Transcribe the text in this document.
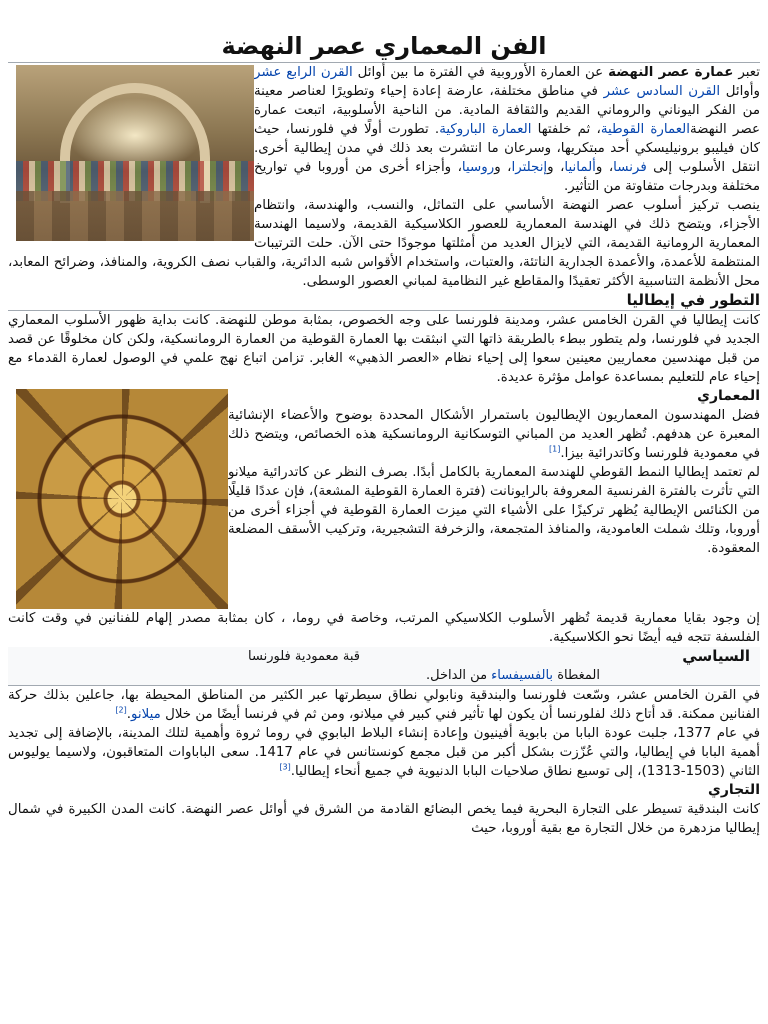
الفن المعماري عصر النهضة

تعبر عمارة عصر النهضة عن العمارة الأوروبية في الفترة ما بين أوائل القرن الرابع عشر وأوائل القرن السادس عشر في مناطق مختلفة، عارضة إعادة إحياء وتطويرًا لعناصر معينة من الفكر اليوناني والروماني القديم والثقافة المادية. من الناحية الأسلوبية، اتبعت عمارة عصر النهضةالعمارة القوطية، ثم خلفتها العمارة الباروكية. تطورت أولًا في فلورنسا، حيث كان فيليبو برونيليسكي أحد مبتكريها، وسرعان ما انتشرت بعد ذلك في مدن إيطالية أخرى. انتقل الأسلوب إلى فرنسا، وألمانيا، وإنجلترا، وروسيا، وأجزاء أخرى من أوروبا في تواريخ مختلفة وبدرجات متفاوتة من التأثير.

ينصب تركيز أسلوب عصر النهضة الأساسي على التماثل، والنسب، والهندسة، وانتظام الأجزاء، ويتضح ذلك في الهندسة المعمارية للعصور الكلاسيكية القديمة، ولاسيما الهندسة المعمارية الرومانية القديمة، التي لايزال العديد من أمثلتها موجودًا حتى الآن. حلت الترتيبات المنتظمة للأعمدة، والأعمدة الجدارية الناتئة، والعتبات، واستخدام الأقواس شبه الدائرية، والقباب نصف الكروية، والمنافذ، وضرائح المعابد، محل الأنظمة التناسبية الأكثر تعقيدًا والمقاطع غير النظامية لمباني العصور الوسطى.

التطور في إيطاليا

كانت إيطاليا في القرن الخامس عشر، ومدينة فلورنسا على وجه الخصوص، بمثابة موطن للنهضة. كانت بداية ظهور الأسلوب المعماري الجديد في فلورنسا، ولم يتطور ببطء بالطريقة ذاتها التي انبثقت بها العمارة القوطية من العمارة الرومانسكية، ولكن كان مخلوقًا عن قصد من قبل مهندسين معماريين معينين سعوا إلى إحياء نظام «العصر الذهبي» الغابر. تزامن اتباع نهج علمي في الوصول لعمارة القدماء مع إحياء عام للتعليم بمساعدة عوامل مؤثرة عديدة.

المعماري

فضل المهندسون المعماريون الإيطاليون باستمرار الأشكال المحددة بوضوح والأعضاء الإنشائية المعبرة عن هدفهم. تُظهر العديد من المباني التوسكانية الرومانسكية هذه الخصائص، ويتضح ذلك في معمودية فلورنسا وكاتدرائية بيزا.[1]

لم تعتمد إيطاليا النمط القوطي للهندسة المعمارية بالكامل أبدًا. بصرف النظر عن كاتدرائية ميلانو التي تأثرت بالفترة الفرنسية المعروفة بالرايونانت (فترة العمارة القوطية المشعة)، فإن عددًا قليلًا من الكنائس الإيطالية يُظهر تركيزًا على الأشياء التي ميزت العمارة القوطية في أجزاء أخرى من أوروبا، وتلك شملت العامودية، والمنافذ المتجمعة، والزخرفة التشجيرية، وتركيب الأسقف المضلعة المعقودة.

إن وجود بقايا معمارية قديمة تُظهر الأسلوب الكلاسيكي المرتب، وخاصة في روما، ، كان بمثابة مصدر إلهام للفنانين في وقت كانت الفلسفة تتجه فيه أيضًا نحو الكلاسيكية.

السياسي
قبة معمودية فلورنسا
المغطاة بالفسيفساء من الداخل.

في القرن الخامس عشر، وسّعت فلورنسا والبندقية ونابولي نطاق سيطرتها عبر الكثير من المناطق المحيطة بها، جاعلين بذلك حركة الفنانين ممكنة. قد أتاح ذلك لفلورنسا أن يكون لها تأثير فني كبير في ميلانو، ومن ثم في فرنسا أيضًا من خلال ميلانو.[2]

في عام 1377، جلبت عودة البابا من بابوية أفينيون وإعادة إنشاء البلاط البابوي في روما ثروة وأهمية لتلك المدينة، بالإضافة إلى تجديد أهمية البابا في إيطاليا، والتي عُزّزت بشكل أكبر من قبل مجمع كونستانس في عام 1417. سعى الباباوات المتعاقبون، ولاسيما يوليوس الثاني (1503-1313)، إلى توسيع نطاق صلاحيات البابا الدنيوية في جميع أنحاء إيطاليا.[3]

التجاري

كانت البندقية تسيطر على التجارة البحرية فيما يخص البضائع القادمة من الشرق في أوائل عصر النهضة. كانت المدن الكبيرة في شمال إيطاليا مزدهرة من خلال التجارة مع بقية أوروبا، حيث
